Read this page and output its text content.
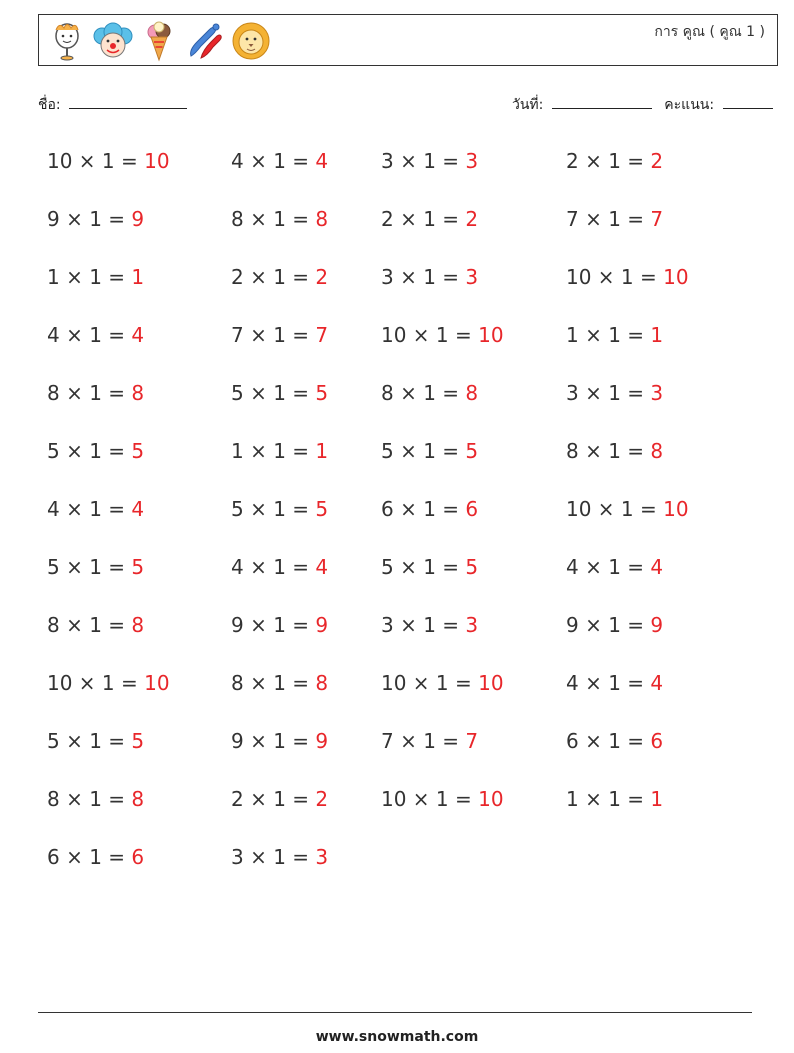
การ คูณ ( คูณ 1 )
ชื่อ:	วันที่:	คะแนน:
10 × 1 = 10	4 × 1 = 4	3 × 1 = 3	2 × 1 = 2
9 × 1 = 9	8 × 1 = 8	2 × 1 = 2	7 × 1 = 7
1 × 1 = 1	2 × 1 = 2	3 × 1 = 3	10 × 1 = 10
4 × 1 = 4	7 × 1 = 7	10 × 1 = 10	1 × 1 = 1
8 × 1 = 8	5 × 1 = 5	8 × 1 = 8	3 × 1 = 3
5 × 1 = 5	1 × 1 = 1	5 × 1 = 5	8 × 1 = 8
4 × 1 = 4	5 × 1 = 5	6 × 1 = 6	10 × 1 = 10
5 × 1 = 5	4 × 1 = 4	5 × 1 = 5	4 × 1 = 4
8 × 1 = 8	9 × 1 = 9	3 × 1 = 3	9 × 1 = 9
10 × 1 = 10	8 × 1 = 8	10 × 1 = 10	4 × 1 = 4
5 × 1 = 5	9 × 1 = 9	7 × 1 = 7	6 × 1 = 6
8 × 1 = 8	2 × 1 = 2	10 × 1 = 10	1 × 1 = 1
6 × 1 = 6	3 × 1 = 3
www.snowmath.com
